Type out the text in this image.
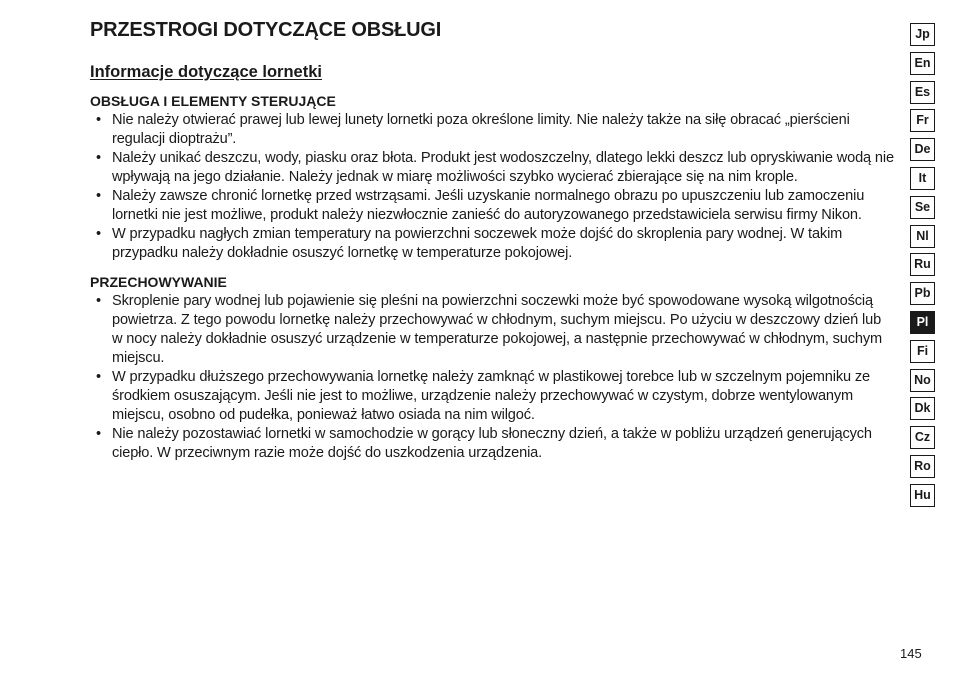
PRZESTROGI DOTYCZĄCE OBSŁUGI
Informacje dotyczące lornetki
OBSŁUGA I ELEMENTY STERUJĄCE
• Nie należy otwierać prawej lub lewej lunety lornetki poza określone limity. Nie należy także na siłę obracać „pierścieni regulacji dioptrażu”.
• Należy unikać deszczu, wody, piasku oraz błota. Produkt jest wodoszczelny, dlatego lekki deszcz lub opryskiwanie wodą nie wpływają na jego działanie. Należy jednak w miarę możliwości szybko wycierać zbierające się na nim krople.
• Należy zawsze chronić lornetkę przed wstrząsami. Jeśli uzyskanie normalnego obrazu po upuszczeniu lub zamoczeniu lornetki nie jest możliwe, produkt należy niezwłocznie zanieść do autoryzowanego przedstawiciela serwisu firmy Nikon.
• W przypadku nagłych zmian temperatury na powierzchni soczewek może dojść do skroplenia pary wodnej. W takim przypadku należy dokładnie osuszyć lornetkę w temperaturze pokojowej.
PRZECHOWYWANIE
• Skroplenie pary wodnej lub pojawienie się pleśni na powierzchni soczewki może być spowodowane wysoką wilgotnością powietrza. Z tego powodu lornetkę należy przechowywać w chłodnym, suchym miejscu. Po użyciu w deszczowy dzień lub w nocy należy dokładnie osuszyć urządzenie w temperaturze pokojowej, a następnie przechowywać w chłodnym, suchym miejscu.
• W przypadku dłuższego przechowywania lornetkę należy zamknąć w plastikowej torebce lub w szczelnym pojemniku ze środkiem osuszającym. Jeśli nie jest to możliwe, urządzenie należy przechowywać w czystym, dobrze wentylowanym miejscu, osobno od pudełka, ponieważ łatwo osiada na nim wilgoć.
• Nie należy pozostawiać lornetki w samochodzie w gorący lub słoneczny dzień, a także w pobliżu urządzeń generujących ciepło. W przeciwnym razie może dojść do uszkodzenia urządzenia.
Jp
En
Es
Fr
De
It
Se
Nl
Ru
Pb
Pl
Fi
No
Dk
Cz
Ro
Hu
145
